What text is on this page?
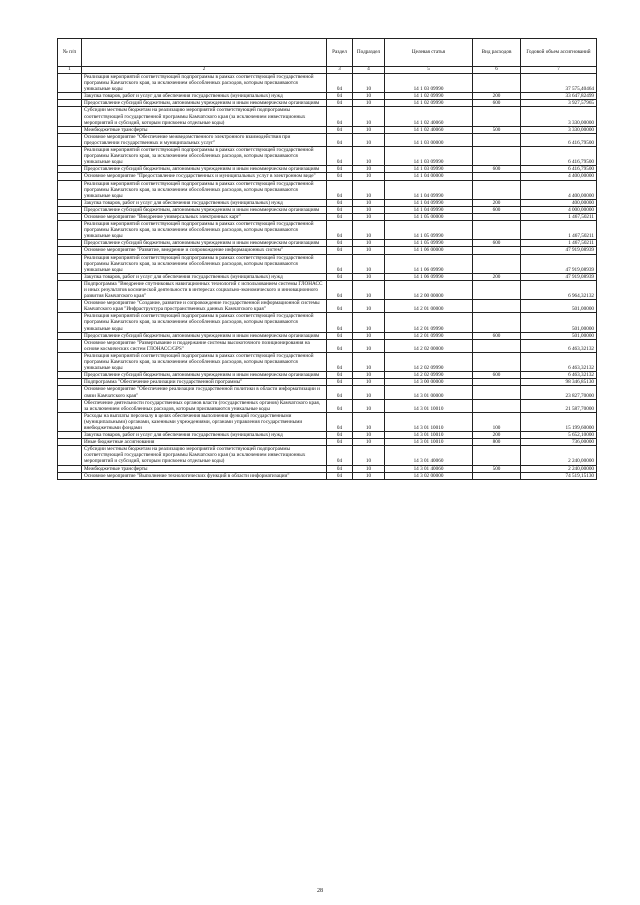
№ п/п		Раздел	Подраздел	Целевая статья	Вид расходов	Годовой объем ассигнований
1	2	3	4	5	6	7
	Реализация мероприятий соответствующей подпрограммы в рамках соответствующей государственной программы Камчатского края, за исключением обособленных расходов, которым присваиваются уникальные коды	04	10	14 1 03 09990		37 575,40464
	Закупка товаров, работ и услуг для обеспечения государственных (муниципальных) нужд	04	10	14 1 02 09990	200	33 647,82499
	Предоставление субсидий бюджетным, автономным учреждениям и иным некоммерческим организациям	04	10	14 1 02 09990	600	3 927,57965
	Субсидии местным бюджетам на реализацию мероприятий соответствующей подпрограммы соответствующей государственной программы Камчатского края (за исключением инвестиционных мероприятий и субсидий, которым присвоены отдельные коды)	04	10	14 1 02 40060		3 330,00000
	Межбюджетные трансферты	04	10	14 1 02 40060	500	3 330,00000
	Основное мероприятие "Обеспечение межведомственного электронного взаимодействия при предоставлении государственных и муниципальных услуг"	04	10	14 1 03 00000		6 416,79500
	Реализация мероприятий соответствующей подпрограммы в рамках соответствующей государственной программы Камчатского края, за исключением обособленных расходов, которым присваиваются уникальные коды	04	10	14 1 03 09990		6 416,79500
	Предоставление субсидий бюджетным, автономным учреждениям и иным некоммерческим организациям	04	10	14 1 03 09990	600	6 416,79500
	Основное мероприятие "Предоставление государственных и муниципальных услуг в электронном виде"	04	10	14 1 04 00000		4 400,00000
	Реализация мероприятий соответствующей подпрограммы в рамках соответствующей государственной программы Камчатского края, за исключением обособленных расходов, которым присваиваются уникальные коды	04	10	14 1 04 09990		4 400,00000
	Закупка товаров, работ и услуг для обеспечения государственных (муниципальных) нужд	04	10	14 1 04 09990	200	400,00000
	Предоставление субсидий бюджетным, автономным учреждениям и иным некоммерческим организациям	04	10	14 1 04 09990	600	4 000,00000
	Основное мероприятие "Внедрение универсальных электронных карт"	04	10	14 1 05 00000		1 467,50211
	Реализация мероприятий соответствующей подпрограммы в рамках соответствующей государственной программы Камчатского края, за исключением обособленных расходов, которым присваиваются уникальные коды	04	10	14 1 05 09990		1 467,50211
	Предоставление субсидий бюджетным, автономным учреждениям и иным некоммерческим организациям	04	10	14 1 05 09990	600	1 467,50211
	Основное мероприятие "Развитие, внедрение и сопровождение информационных систем"	04	10	14 1 06 00000		47 919,08939
	Реализация мероприятий соответствующей подпрограммы в рамках соответствующей государственной программы Камчатского края, за исключением обособленных расходов, которым присваиваются уникальные коды	04	10	14 1 06 09990		47 919,08939
	Закупка товаров, работ и услуг для обеспечения государственных (муниципальных) нужд	04	10	14 1 06 09990	200	47 919,08939
	Подпрограмма "Внедрение спутниковых навигационных технологий с использованием системы ГЛОНАСС и иных результатов космической деятельности в интересах социально-экономического и инновационного развития Камчатского края"	04	10	14 2 00 00000		6 964,32132
	Основное мероприятие "Создание, развитие и сопровождение государственной информационной системы Камчатского края "Инфраструктура пространственных данных Камчатского края"	04	10	14 2 01 00000		501,00000
	Реализация мероприятий соответствующей подпрограммы в рамках соответствующей государственной программы Камчатского края, за исключением обособленных расходов, которым присваиваются уникальные коды	04	10	14 2 01 09990		501,00000
	Предоставление субсидий бюджетным, автономным учреждениям и иным некоммерческим организациям	04	10	14 2 01 09990	600	501,00000
	Основное мероприятие "Развертывание и поддержание системы высокоточного позиционирования на основе космических систем ГЛОНАСС/GPS"	04	10	14 2 02 00000		6 463,32132
	Реализация мероприятий соответствующей подпрограммы в рамках соответствующей государственной программы Камчатского края, за исключением обособленных расходов, которым присваиваются уникальные коды	04	10	14 2 02 09990		6 463,32132
	Предоставление субсидий бюджетным, автономным учреждениям и иным некоммерческим организациям	04	10	14 2 02 09990	600	6 463,32132
	Подпрограмма "Обеспечение реализации государственной программы"	04	10	14 3 00 00000		98 346,85130
	Основное мероприятие "Обеспечение реализации государственной политики в области информатизации и связи Камчатского края"	04	10	14 3 01 00000		23 827,70000
	Обеспечение деятельности государственных органов власти (государственных органов) Камчатского края, за исключением обособленных расходов, которым присваиваются уникальные коды	04	10	14 3 01 10010		21 587,70000
	Расходы на выплаты персоналу в целях обеспечения выполнения функций государственными (муниципальными) органами, казенными учреждениями, органами управления государственными внебюджетными фондами	04	10	14 3 01 10010	100	15 199,60000
	Закупка товаров, работ и услуг для обеспечения государственных (муниципальных) нужд	04	10	14 3 01 10010	200	5 652,10000
	Иные бюджетные ассигнования	04	10	14 3 01 10010	800	736,00000
	Субсидии местным бюджетам на реализацию мероприятий соответствующей подпрограммы соответствующей государственной программы Камчатского края (за исключением инвестиционных мероприятий и субсидий, которым присвоены отдельные коды)	04	10	14 3 01 40060		2 240,00000
	Межбюджетные трансферты	04	10	14 3 01 40060	500	2 240,00000
	Основное мероприятие "Выполнение технологических функций в области информатизации"	04	10	14 3 02 00000		74 519,15130
28
